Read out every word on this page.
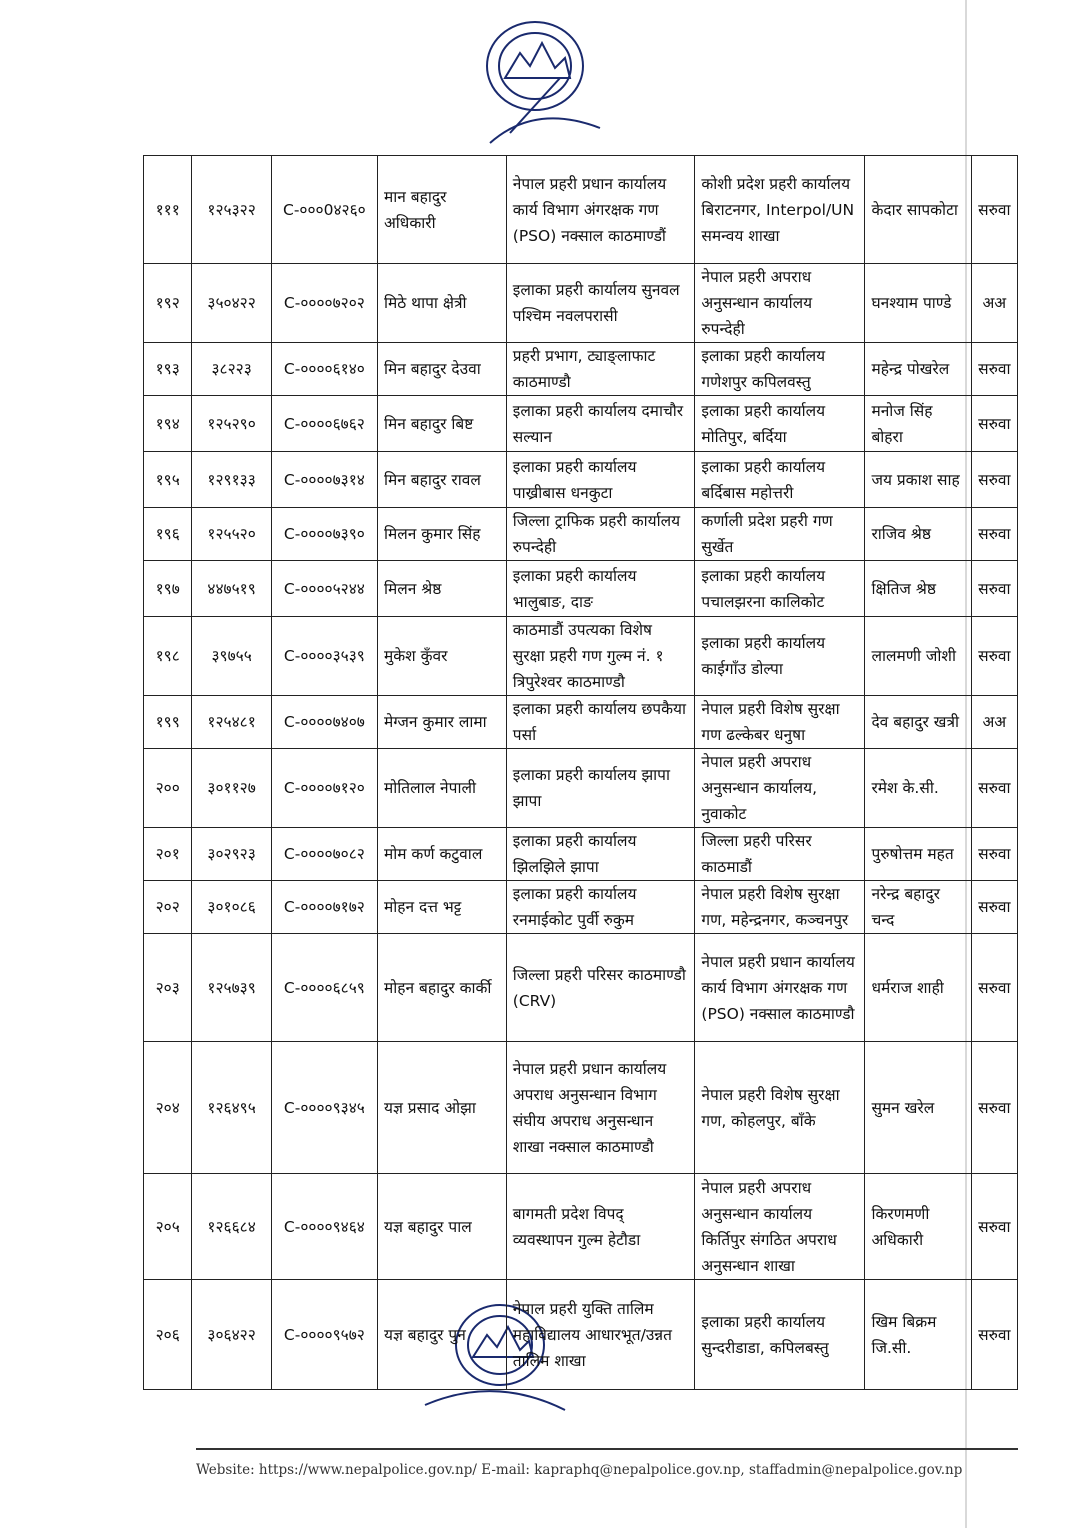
१११	१२५३२२	C-०००0४२६०	मान बहादुर अधिकारी	नेपाल प्रहरी प्रधान कार्यालय कार्य विभाग अंगरक्षक गण (PSO) नक्साल काठमाण्डौं	कोशी प्रदेश प्रहरी कार्यालय बिराटनगर, Interpol/UN समन्वय शाखा	केदार सापकोटा	सरुवा
१९२	३५०४२२	C-००००७२०२	मिठे थापा क्षेत्री	इलाका प्रहरी कार्यालय सुनवल पश्चिम नवलपरासी	नेपाल प्रहरी अपराध अनुसन्धान कार्यालय रुपन्देही	घनश्याम पाण्डे	अअ
१९३	३८२२३	C-००००६१४०	मिन बहादुर देउवा	प्रहरी प्रभाग, ट्याङ्लाफाट काठमाण्डौ	इलाका प्रहरी कार्यालय गणेशपुर कपिलवस्तु	महेन्द्र पोखरेल	सरुवा
१९४	१२५२९०	C-००००६७६२	मिन बहादुर बिष्ट	इलाका प्रहरी कार्यालय दमाचौर सल्यान	इलाका प्रहरी कार्यालय मोतिपुर, बर्दिया	मनोज सिंह बोहरा	सरुवा
१९५	१२९१३३	C-००००७३१४	मिन बहादुर रावल	इलाका प्रहरी कार्यालय पाख्रीबास धनकुटा	इलाका प्रहरी कार्यालय बर्दिबास महोत्तरी	जय प्रकाश साह	सरुवा
१९६	१२५५२०	C-००००७३९०	मिलन कुमार सिंह	जिल्ला ट्राफिक प्रहरी कार्यालय रुपन्देही	कर्णाली प्रदेश प्रहरी गण सुर्खेत	राजिव श्रेष्ठ	सरुवा
१९७	४४७५१९	C-००००५२४४	मिलन श्रेष्ठ	इलाका प्रहरी कार्यालय भालुबाङ, दाङ	इलाका प्रहरी कार्यालय पचालझरना कालिकोट	क्षितिज श्रेष्ठ	सरुवा
१९८	३९७५५	C-००००३५३९	मुकेश कुँवर	काठमाडौं उपत्यका विशेष सुरक्षा प्रहरी गण गुल्म नं. १ त्रिपुरेश्वर काठमाण्डौ	इलाका प्रहरी कार्यालय काईगाँउ डोल्पा	लालमणी जोशी	सरुवा
१९९	१२५४८१	C-००००७४०७	मेग्जन कुमार लामा	इलाका प्रहरी कार्यालय छपकैया पर्सा	नेपाल प्रहरी विशेष सुरक्षा गण ढल्केबर धनुषा	देव बहादुर खत्री	अअ
२००	३०११२७	C-००००७१२०	मोतिलाल नेपाली	इलाका प्रहरी कार्यालय झापा झापा	नेपाल प्रहरी अपराध अनुसन्धान कार्यालय, नुवाकोट	रमेश के.सी.	सरुवा
२०१	३०२९२३	C-००००७०८२	मोम कर्ण कटुवाल	इलाका प्रहरी कार्यालय झिलझिले झापा	जिल्ला प्रहरी परिसर काठमाडौं	पुरुषोत्तम महत	सरुवा
२०२	३०१०८६	C-००००७१७२	मोहन दत्त भट्ट	इलाका प्रहरी कार्यालय रनमाईकोट पुर्वी रुकुम	नेपाल प्रहरी विशेष सुरक्षा गण, महेन्द्रनगर, कञ्चनपुर	नरेन्द्र बहादुर चन्द	सरुवा
२०३	१२५७३९	C-००००६८५९	मोहन बहादुर कार्की	जिल्ला प्रहरी परिसर काठमाण्डौ (CRV)	नेपाल प्रहरी प्रधान कार्यालय कार्य विभाग अंगरक्षक गण (PSO) नक्साल काठमाण्डौ	धर्मराज शाही	सरुवा
२०४	१२६४९५	C-००००९३४५	यज्ञ प्रसाद ओझा	नेपाल प्रहरी प्रधान कार्यालय अपराध अनुसन्धान विभाग संघीय अपराध अनुसन्धान शाखा नक्साल काठमाण्डौ	नेपाल प्रहरी विशेष सुरक्षा गण, कोहलपुर, बाँके	सुमन खरेल	सरुवा
२०५	१२६६८४	C-००००९४६४	यज्ञ बहादुर पाल	बागमती प्रदेश विपद् व्यवस्थापन गुल्म हेटौडा	नेपाल प्रहरी अपराध अनुसन्धान कार्यालय किर्तिपुर संगठित अपराध अनुसन्धान शाखा	किरणमणी अधिकारी	सरुवा
२०६	३०६४२२	C-००००९५७२	यज्ञ बहादुर पुन	नेपाल प्रहरी युक्ति तालिम महाविद्यालय आधारभूत/उन्नत तालिम शाखा	इलाका प्रहरी कार्यालय सुन्दरीडाडा, कपिलबस्तु	खिम बिक्रम जि.सी.	सरुवा
Website: https://www.nepalpolice.gov.np/ E-mail: kapraphq@nepalpolice.gov.np, staffadmin@nepalpolice.gov.np
